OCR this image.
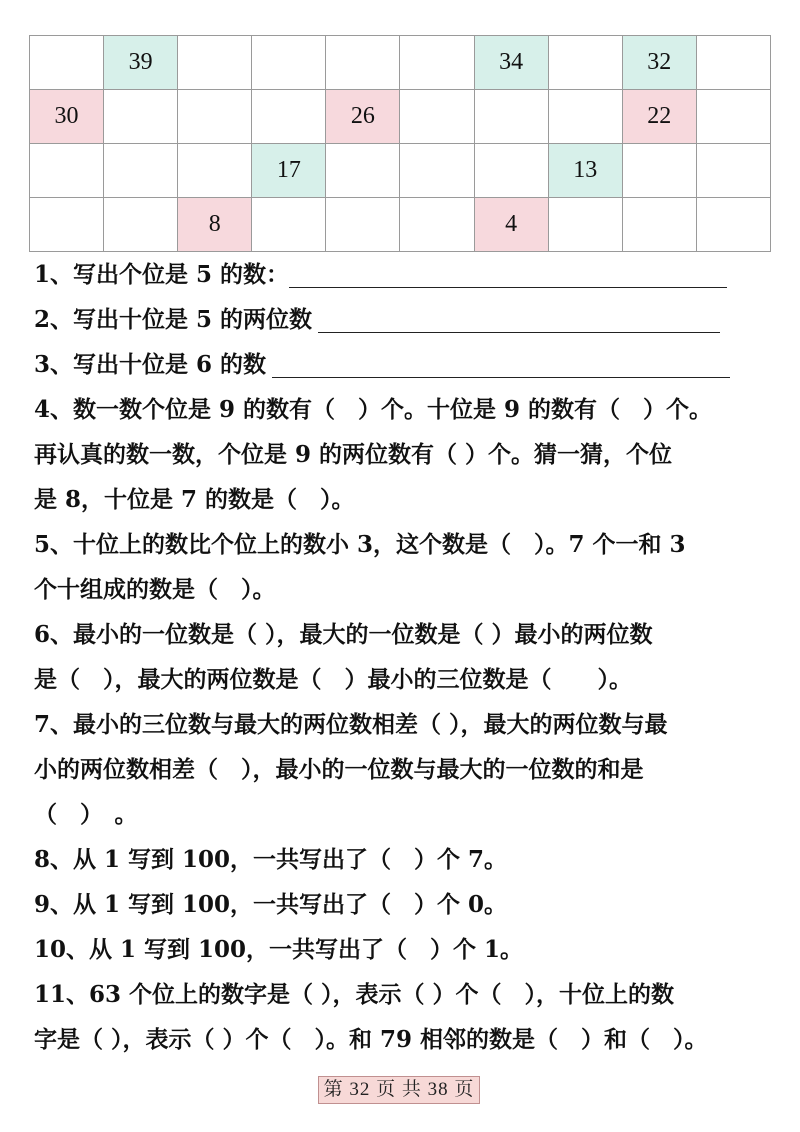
	39					34		32	
30				26				22	
			17				13		
		8				4			
1、写出个位是 5 的数：
2、写出十位是 5 的两位数
3、写出十位是 6 的数
4、数一数个位是 9 的数有（　）个。十位是 9 的数有（　）个。
再认真的数一数，个位是 9 的两位数有（ ）个。猜一猜，个位
是 8，十位是 7 的数是（　）。
5、十位上的数比个位上的数小 3，这个数是（　）。7 个一和 3
个十组成的数是（　）。
6、最小的一位数是（ ），最大的一位数是（ ）最小的两位数
是（　），最大的两位数是（　）最小的三位数是（　　）。
7、最小的三位数与最大的两位数相差（ ），最大的两位数与最
小的两位数相差（　），最小的一位数与最大的一位数的和是
（　）　。
8、从 1 写到 100，一共写出了（　）个 7。
9、从 1 写到 100，一共写出了（　）个 0。
10、从 1 写到 100，一共写出了（　）个 1。
11、63 个位上的数字是（ ），表示（ ）个（　），十位上的数
字是（ ），表示（ ）个（　）。和 79 相邻的数是（　）和（　）。
第 32 页 共 38 页
